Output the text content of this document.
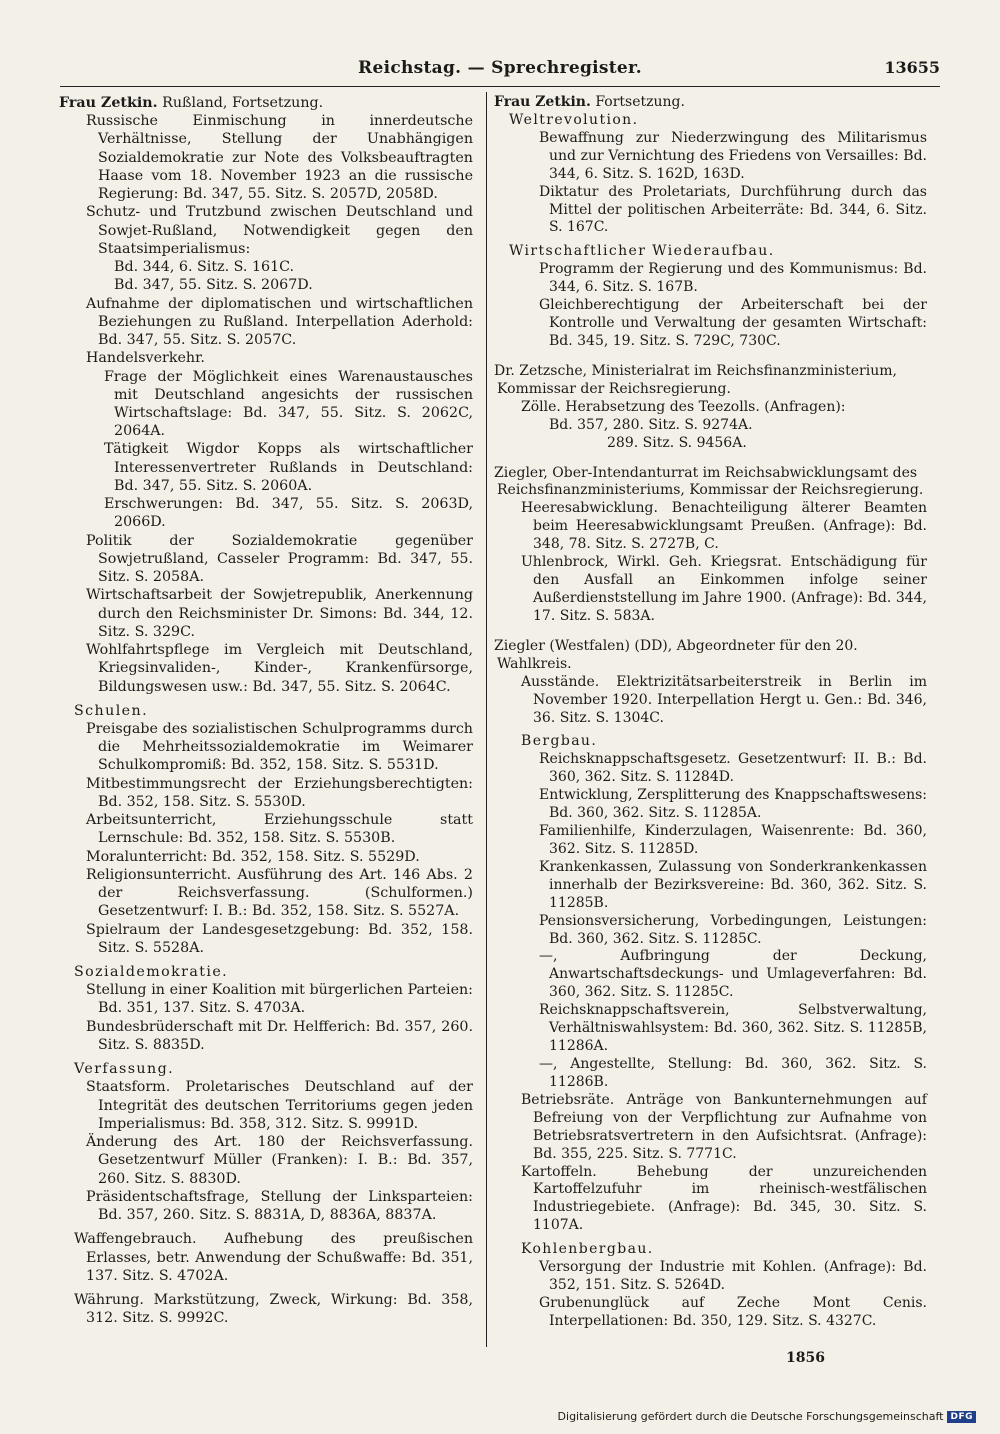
Reichstag. — Sprechregister.	13655
Frau Zetkin. Rußland, Fortsetzung.
Russische Einmischung in innerdeutsche Verhältnisse, Stellung der Unabhängigen Sozialdemokratie zur Note des Volksbeauftragten Haase vom 18. November 1923 an die russische Regierung: Bd. 347, 55. Sitz. S. 2057D, 2058D.
Schutz- und Trutzbund zwischen Deutschland und Sowjet-Rußland, Notwendigkeit gegen den Staatsimperialismus:
Bd. 344, 6. Sitz. S. 161C.
Bd. 347, 55. Sitz. S. 2067D.
Aufnahme der diplomatischen und wirtschaftlichen Beziehungen zu Rußland. Interpellation Aderhold: Bd. 347, 55. Sitz. S. 2057C.
Handelsverkehr.
Frage der Möglichkeit eines Warenaustausches mit Deutschland angesichts der russischen Wirtschaftslage: Bd. 347, 55. Sitz. S. 2062C, 2064A.
Tätigkeit Wigdor Kopps als wirtschaftlicher Interessenvertreter Rußlands in Deutschland: Bd. 347, 55. Sitz. S. 2060A.
Erschwerungen: Bd. 347, 55. Sitz. S. 2063D, 2066D.
Politik der Sozialdemokratie gegenüber Sowjetrußland, Casseler Programm: Bd. 347, 55. Sitz. S. 2058A.
Wirtschaftsarbeit der Sowjetrepublik, Anerkennung durch den Reichsminister Dr. Simons: Bd. 344, 12. Sitz. S. 329C.
Wohlfahrtspflege im Vergleich mit Deutschland, Kriegsinvaliden-, Kinder-, Krankenfürsorge, Bildungswesen usw.: Bd. 347, 55. Sitz. S. 2064C.
Schulen.
Preisgabe des sozialistischen Schulprogramms durch die Mehrheitssozialdemokratie im Weimarer Schulkompromiß: Bd. 352, 158. Sitz. S. 5531D.
Mitbestimmungsrecht der Erziehungsberechtigten: Bd. 352, 158. Sitz. S. 5530D.
Arbeitsunterricht, Erziehungsschule statt Lernschule: Bd. 352, 158. Sitz. S. 5530B.
Moralunterricht: Bd. 352, 158. Sitz. S. 5529D.
Religionsunterricht. Ausführung des Art. 146 Abs. 2 der Reichsverfassung. (Schulformen.) Gesetzentwurf: I. B.: Bd. 352, 158. Sitz. S. 5527A.
Spielraum der Landesgesetzgebung: Bd. 352, 158. Sitz. S. 5528A.
Sozialdemokratie.
Stellung in einer Koalition mit bürgerlichen Parteien: Bd. 351, 137. Sitz. S. 4703A.
Bundesbrüderschaft mit Dr. Helfferich: Bd. 357, 260. Sitz. S. 8835D.
Verfassung.
Staatsform. Proletarisches Deutschland auf der Integrität des deutschen Territoriums gegen jeden Imperialismus: Bd. 358, 312. Sitz. S. 9991D.
Änderung des Art. 180 der Reichsverfassung. Gesetzentwurf Müller (Franken): I. B.: Bd. 357, 260. Sitz. S. 8830D.
Präsidentschaftsfrage, Stellung der Linksparteien: Bd. 357, 260. Sitz. S. 8831A, D, 8836A, 8837A.
Waffengebrauch. Aufhebung des preußischen Erlasses, betr. Anwendung der Schußwaffe: Bd. 351, 137. Sitz. S. 4702A.
Währung. Markstützung, Zweck, Wirkung: Bd. 358, 312. Sitz. S. 9992C.
Frau Zetkin. Fortsetzung.
Weltrevolution.
Bewaffnung zur Niederzwingung des Militarismus und zur Vernichtung des Friedens von Versailles: Bd. 344, 6. Sitz. S. 162D, 163D.
Diktatur des Proletariats, Durchführung durch das Mittel der politischen Arbeiterräte: Bd. 344, 6. Sitz. S. 167C.
Wirtschaftlicher Wiederaufbau.
Programm der Regierung und des Kommunismus: Bd. 344, 6. Sitz. S. 167B.
Gleichberechtigung der Arbeiterschaft bei der Kontrolle und Verwaltung der gesamten Wirtschaft: Bd. 345, 19. Sitz. S. 729C, 730C.
Dr. Zetzsche, Ministerialrat im Reichsfinanzministerium, Kommissar der Reichsregierung.
Zölle. Herabsetzung des Teezolls. (Anfragen):
Bd. 357, 280. Sitz. S. 9274A.
289. Sitz. S. 9456A.
Ziegler, Ober-Intendanturrat im Reichsabwicklungsamt des Reichsfinanzministeriums, Kommissar der Reichsregierung.
Heeresabwicklung. Benachteiligung älterer Beamten beim Heeresabwicklungsamt Preußen. (Anfrage): Bd. 348, 78. Sitz. S. 2727B, C.
Uhlenbrock, Wirkl. Geh. Kriegsrat. Entschädigung für den Ausfall an Einkommen infolge seiner Außerdienststellung im Jahre 1900. (Anfrage): Bd. 344, 17. Sitz. S. 583A.
Ziegler (Westfalen) (DD), Abgeordneter für den 20. Wahlkreis.
Ausstände. Elektrizitätsarbeiterstreik in Berlin im November 1920. Interpellation Hergt u. Gen.: Bd. 346, 36. Sitz. S. 1304C.
Bergbau.
Reichsknappschaftsgesetz. Gesetzentwurf: II. B.: Bd. 360, 362. Sitz. S. 11284D.
Entwicklung, Zersplitterung des Knappschaftswesens: Bd. 360, 362. Sitz. S. 11285A.
Familienhilfe, Kinderzulagen, Waisenrente: Bd. 360, 362. Sitz. S. 11285D.
Krankenkassen, Zulassung von Sonderkrankenkassen innerhalb der Bezirksvereine: Bd. 360, 362. Sitz. S. 11285B.
Pensionsversicherung, Vorbedingungen, Leistungen: Bd. 360, 362. Sitz. S. 11285C.
—, Aufbringung der Deckung, Anwartschaftsdeckungs- und Umlageverfahren: Bd. 360, 362. Sitz. S. 11285C.
Reichsknappschaftsverein, Selbstverwaltung, Verhältniswahlsystem: Bd. 360, 362. Sitz. S. 11285B, 11286A.
—, Angestellte, Stellung: Bd. 360, 362. Sitz. S. 11286B.
Betriebsräte. Anträge von Bankunternehmungen auf Befreiung von der Verpflichtung zur Aufnahme von Betriebsratsvertretern in den Aufsichtsrat. (Anfrage): Bd. 355, 225. Sitz. S. 7771C.
Kartoffeln. Behebung der unzureichenden Kartoffelzufuhr im rheinisch-westfälischen Industriegebiete. (Anfrage): Bd. 345, 30. Sitz. S. 1107A.
Kohlenbergbau.
Versorgung der Industrie mit Kohlen. (Anfrage): Bd. 352, 151. Sitz. S. 5264D.
Grubenunglück auf Zeche Mont Cenis. Interpellationen: Bd. 350, 129. Sitz. S. 4327C.
1856
Digitalisierung gefördert durch die Deutsche Forschungsgemeinschaft DFG
